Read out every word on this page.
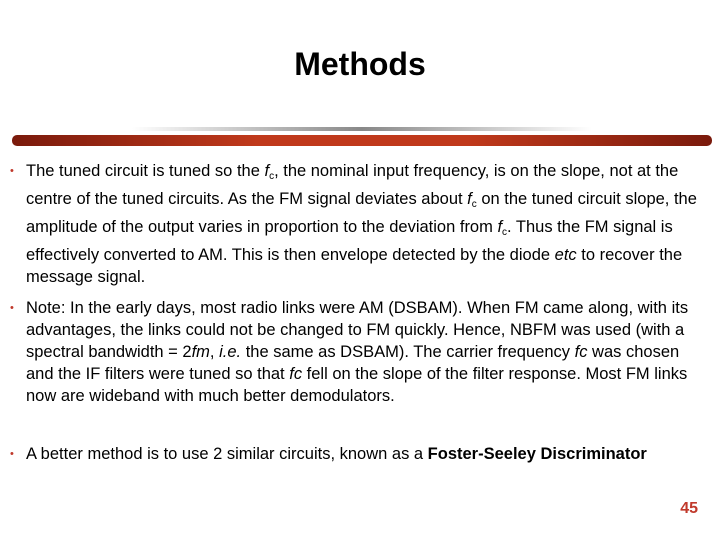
Methods
• The tuned circuit is tuned so the $f_c$, the nominal input frequency, is on the slope, not at the centre of the tuned circuits. As the FM signal deviates about $f_c$ on the tuned circuit slope, the amplitude of the output varies in proportion to the deviation from $f_c$. Thus the FM signal is effectively converted to AM. This is then envelope detected by the diode etc to recover the message signal.

• Note: In the early days, most radio links were AM (DSBAM). When FM came along, with its advantages, the links could not be changed to FM quickly. Hence, NBFM was used (with a spectral bandwidth = 2fm, i.e. the same as DSBAM). The carrier frequency fc was chosen and the IF filters were tuned so that fc fell on the slope of the filter response. Most FM links now are wideband with much better demodulators.

• A better method is to use 2 similar circuits, known as a Foster-Seeley Discriminator

45
